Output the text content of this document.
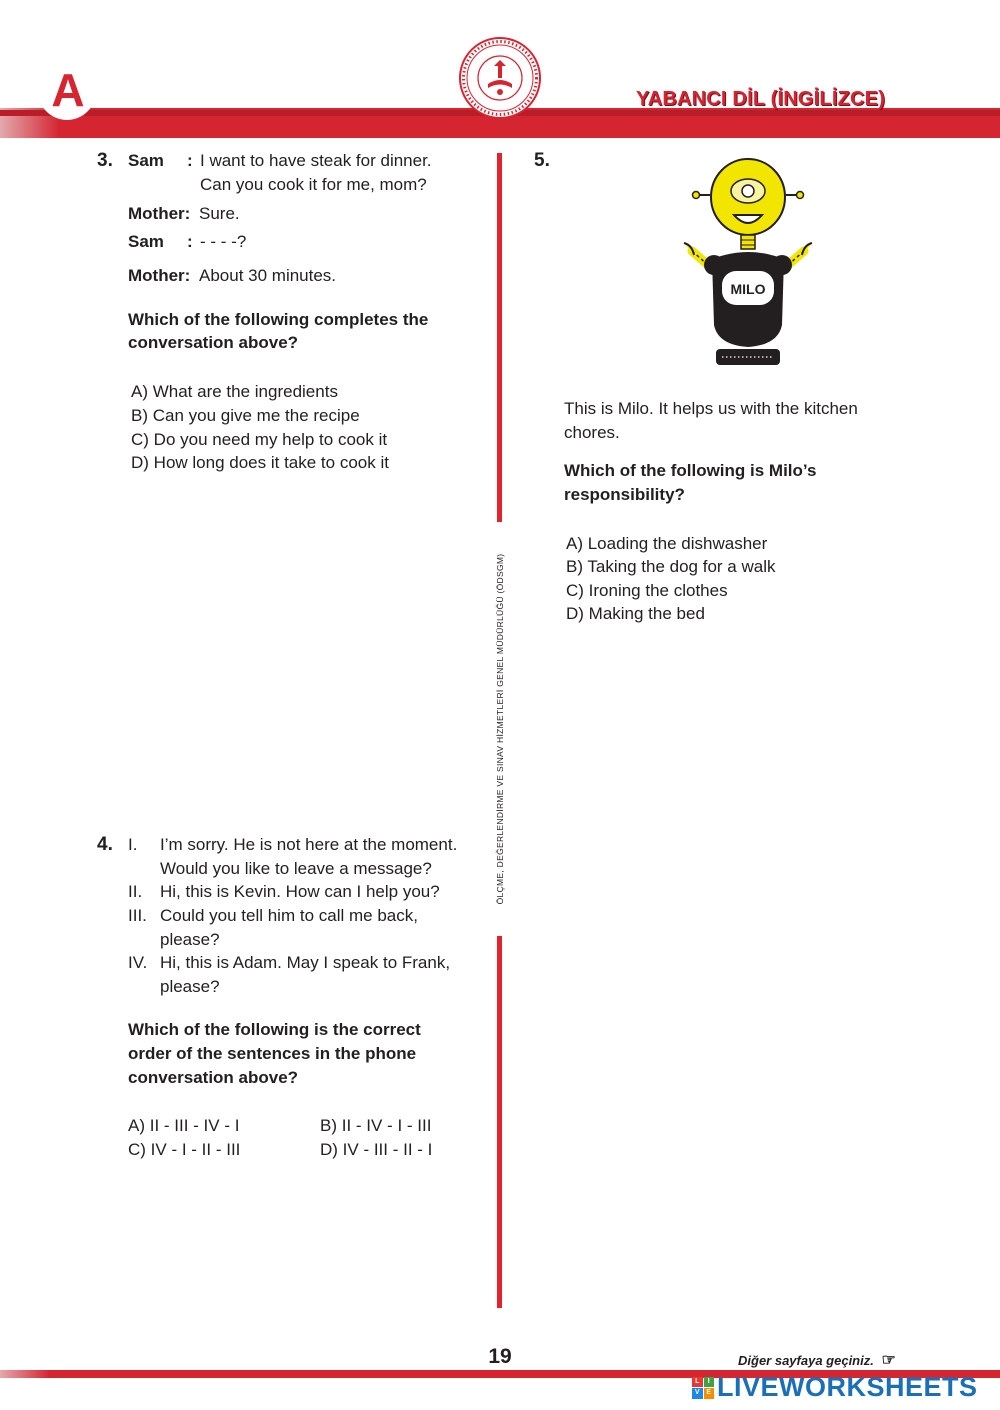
A	YABANCI DİL (İNGİLİZCE)
ÖLÇME, DEĞERLENDİRME VE SINAV HİZMETLERİ GENEL MÜDÜRLÜĞÜ (ÖDSGM)
3. Sam : I want to have steak for dinner.
Can you cook it for me, mom?
Mother: Sure.
Sam : - - - -?
Mother: About 30 minutes.
Which of the following completes the
conversation above?
A) What are the ingredients
B) Can you give me the recipe
C) Do you need my help to cook it
D) How long does it take to cook it
4. I. I’m sorry. He is not here at the moment.
Would you like to leave a message?
II. Hi, this is Kevin. How can I help you?
III. Could you tell him to call me back,
please?
IV. Hi, this is Adam. May I speak to Frank,
please?
Which of the following is the correct
order of the sentences in the phone
conversation above?
A) II - III - IV - I	B) II - IV - I - III
C) IV - I - II - III	D) IV - III - II - I
5.
MILO
This is Milo. It helps us with the kitchen
chores.
Which of the following is Milo’s
responsibility?
A) Loading the dishwasher
B) Taking the dog for a walk
C) Ironing the clothes
D) Making the bed
19	Diğer sayfaya geçiniz. ☞
L	I
V E LIVEWORKSHEETS
